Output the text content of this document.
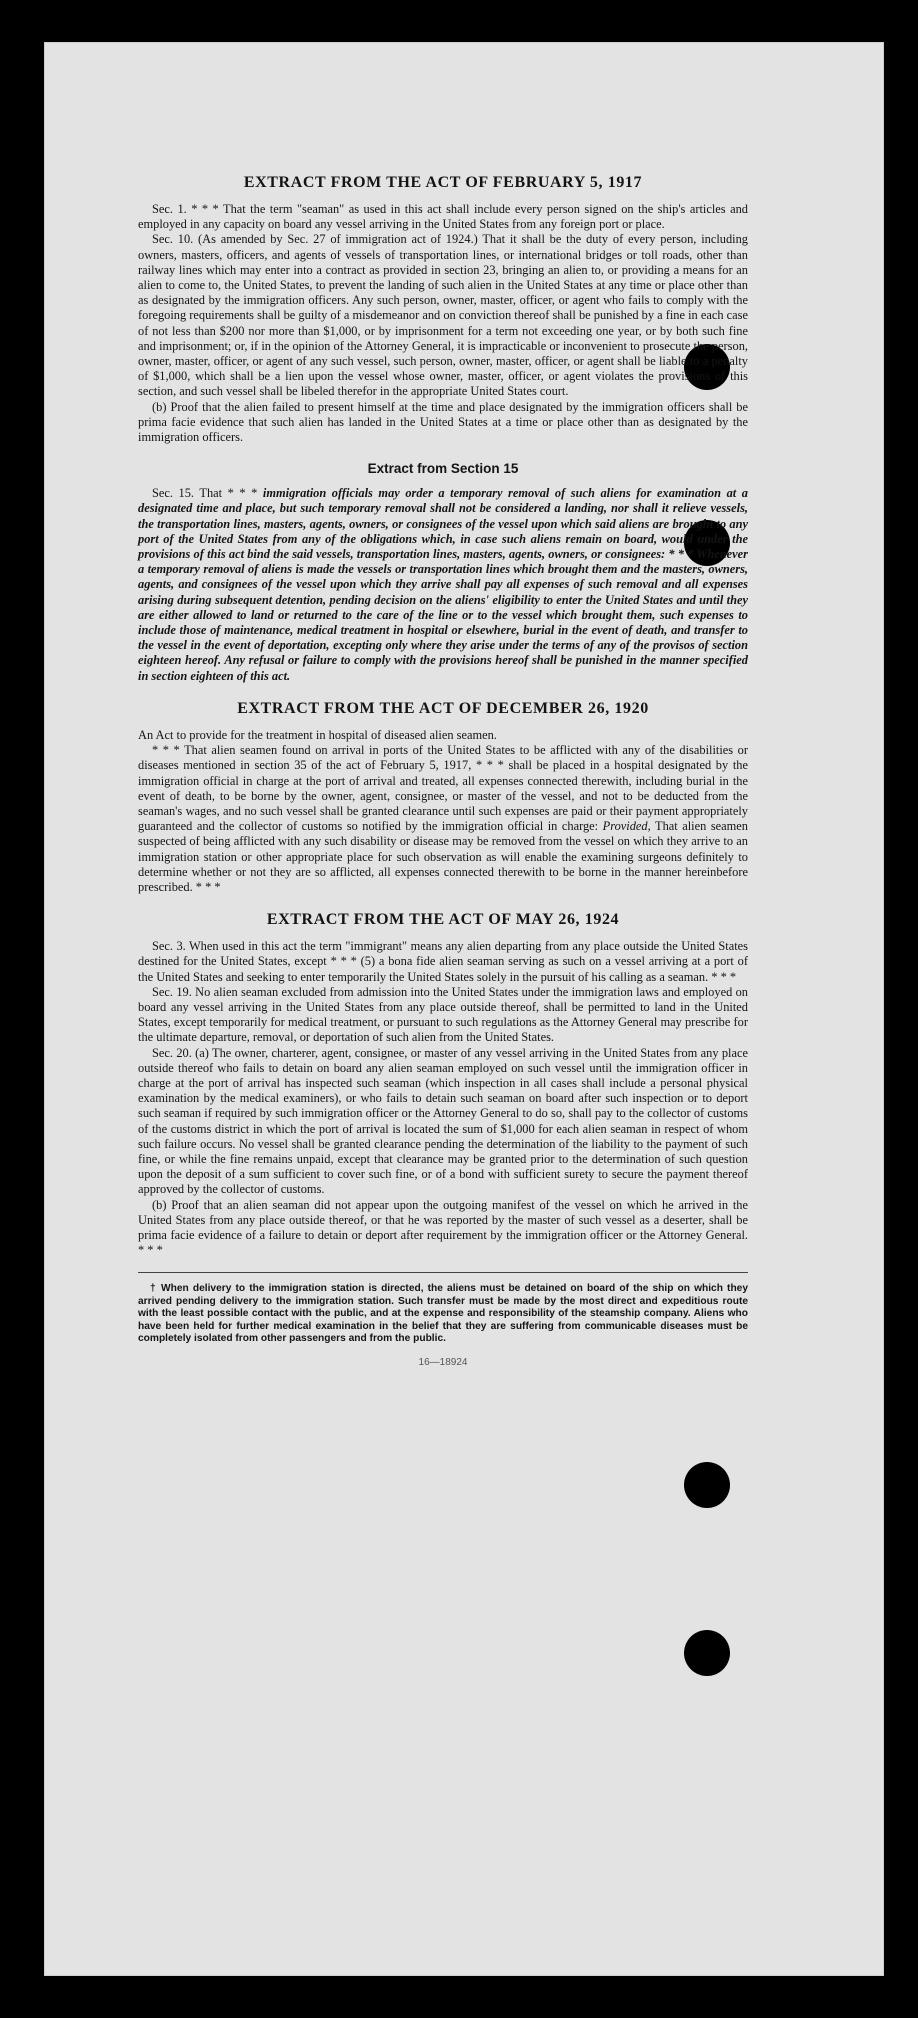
EXTRACT FROM THE ACT OF FEBRUARY 5, 1917

Sec. 1. * * * That the term "seaman" as used in this act shall include every person signed on the ship's articles and employed in any capacity on board any vessel arriving in the United States from any foreign port or place.

Sec. 10. (As amended by Sec. 27 of immigration act of 1924.) That it shall be the duty of every person, including owners, masters, officers, and agents of vessels of transportation lines, or international bridges or toll roads, other than railway lines which may enter into a contract as provided in section 23, bringing an alien to, or providing a means for an alien to come to, the United States, to prevent the landing of such alien in the United States at any time or place other than as designated by the immigration officers. Any such person, owner, master, officer, or agent who fails to comply with the foregoing requirements shall be guilty of a misdemeanor and on conviction thereof shall be punished by a fine in each case of not less than $200 nor more than $1,000, or by imprisonment for a term not exceeding one year, or by both such fine and imprisonment; or, if in the opinion of the Attorney General, it is impracticable or inconvenient to prosecute the person, owner, master, officer, or agent of any such vessel, such person, owner, master, officer, or agent shall be liable to a penalty of $1,000, which shall be a lien upon the vessel whose owner, master, officer, or agent violates the provisions of this section, and such vessel shall be libeled therefor in the appropriate United States court.

(b) Proof that the alien failed to present himself at the time and place designated by the immigration officers shall be prima facie evidence that such alien has landed in the United States at a time or place other than as designated by the immigration officers.

Extract from Section 15

Sec. 15. That * * * immigration officials may order a temporary removal of such aliens for examination at a designated time and place, but such temporary removal shall not be considered a landing, nor shall it relieve vessels, the transportation lines, masters, agents, owners, or consignees of the vessel upon which said aliens are brought to any port of the United States from any of the obligations which, in case such aliens remain on board, would under the provisions of this act bind the said vessels, transportation lines, masters, agents, owners, or consignees: * * * Whenever a temporary removal of aliens is made the vessels or transportation lines which brought them and the masters, owners, agents, and consignees of the vessel upon which they arrive shall pay all expenses of such removal and all expenses arising during subsequent detention, pending decision on the aliens' eligibility to enter the United States and until they are either allowed to land or returned to the care of the line or to the vessel which brought them, such expenses to include those of maintenance, medical treatment in hospital or elsewhere, burial in the event of death, and transfer to the vessel in the event of deportation, excepting only where they arise under the terms of any of the provisos of section eighteen hereof. Any refusal or failure to comply with the provisions hereof shall be punished in the manner specified in section eighteen of this act.

EXTRACT FROM THE ACT OF DECEMBER 26, 1920

An Act to provide for the treatment in hospital of diseased alien seamen.

* * * That alien seamen found on arrival in ports of the United States to be afflicted with any of the disabilities or diseases mentioned in section 35 of the act of February 5, 1917, * * * shall be placed in a hospital designated by the immigration official in charge at the port of arrival and treated, all expenses connected therewith, including burial in the event of death, to be borne by the owner, agent, consignee, or master of the vessel, and not to be deducted from the seaman's wages, and no such vessel shall be granted clearance until such expenses are paid or their payment appropriately guaranteed and the collector of customs so notified by the immigration official in charge: Provided, That alien seamen suspected of being afflicted with any such disability or disease may be removed from the vessel on which they arrive to an immigration station or other appropriate place for such observation as will enable the examining surgeons definitely to determine whether or not they are so afflicted, all expenses connected therewith to be borne in the manner hereinbefore prescribed. * * *

EXTRACT FROM THE ACT OF MAY 26, 1924

Sec. 3. When used in this act the term "immigrant" means any alien departing from any place outside the United States destined for the United States, except * * * (5) a bona fide alien seaman serving as such on a vessel arriving at a port of the United States and seeking to enter temporarily the United States solely in the pursuit of his calling as a seaman. * * *

Sec. 19. No alien seaman excluded from admission into the United States under the immigration laws and employed on board any vessel arriving in the United States from any place outside thereof, shall be permitted to land in the United States, except temporarily for medical treatment, or pursuant to such regulations as the Attorney General may prescribe for the ultimate departure, removal, or deportation of such alien from the United States.

Sec. 20. (a) The owner, charterer, agent, consignee, or master of any vessel arriving in the United States from any place outside thereof who fails to detain on board any alien seaman employed on such vessel until the immigration officer in charge at the port of arrival has inspected such seaman (which inspection in all cases shall include a personal physical examination by the medical examiners), or who fails to detain such seaman on board after such inspection or to deport such seaman if required by such immigration officer or the Attorney General to do so, shall pay to the collector of customs of the customs district in which the port of arrival is located the sum of $1,000 for each alien seaman in respect of whom such failure occurs. No vessel shall be granted clearance pending the determination of the liability to the payment of such fine, or while the fine remains unpaid, except that clearance may be granted prior to the determination of such question upon the deposit of a sum sufficient to cover such fine, or of a bond with sufficient surety to secure the payment thereof approved by the collector of customs.

(b) Proof that an alien seaman did not appear upon the outgoing manifest of the vessel on which he arrived in the United States from any place outside thereof, or that he was reported by the master of such vessel as a deserter, shall be prima facie evidence of a failure to detain or deport after requirement by the immigration officer or the Attorney General. * * *

† When delivery to the immigration station is directed, the aliens must be detained on board of the ship on which they arrived pending delivery to the immigration station. Such transfer must be made by the most direct and expeditious route with the least possible contact with the public, and at the expense and responsibility of the steamship company. Aliens who have been held for further medical examination in the belief that they are suffering from communicable diseases must be completely isolated from other passengers and from the public.

16—18924
